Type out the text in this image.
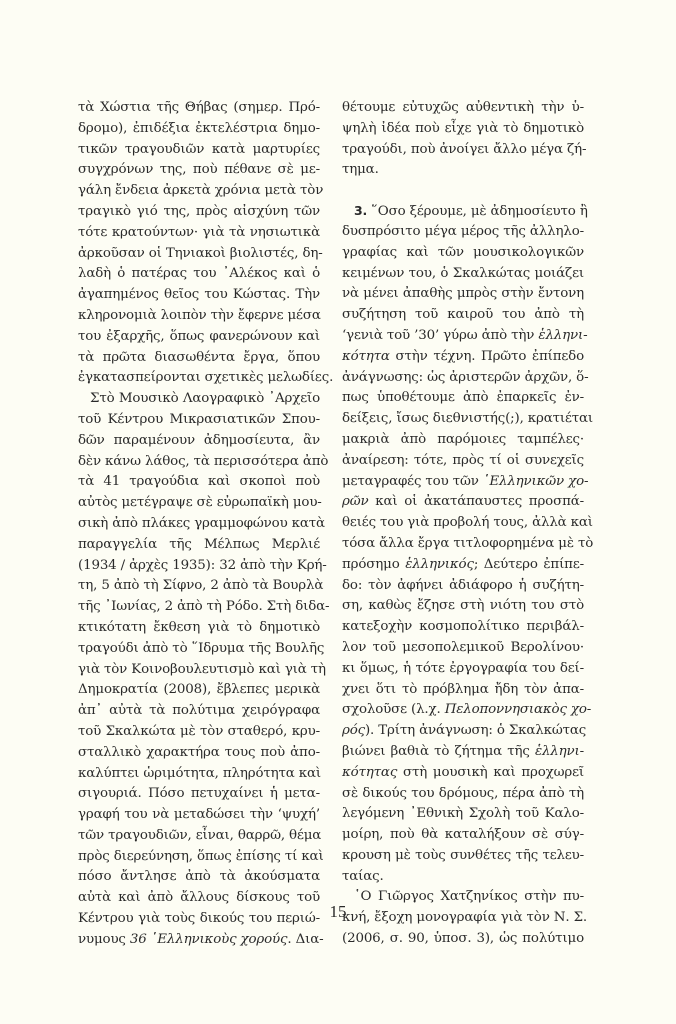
τὰ Χώστια τῆς Θήβας (σημερ. Πρό-
δρομο), ἐπιδέξια ἐκτελέστρια δημο-
τικῶν τραγουδιῶν κατὰ μαρτυρίες
συγχρόνων της, ποὺ πέθανε σὲ με-
γάλη ἔνδεια ἀρκετὰ χρόνια μετὰ τὸν
τραγικὸ γιό της, πρὸς αἰσχύνη τῶν
τότε κρατούντων· γιὰ τὰ νησιωτικὰ
ἀρκοῦσαν οἱ Τηνιακοὶ βιολιστές, δη-
λαδὴ ὁ πατέρας του ᾿Αλέκος καὶ ὁ
ἀγαπημένος θεῖος του Κώστας. Τὴν
κληρονομιὰ λοιπὸν τὴν ἔφερνε μέσα
του ἐξαρχῆς, ὅπως φανερώνουν καὶ
τὰ πρῶτα διασωθέντα ἔργα, ὅπου
ἐγκατασπείρονται σχετικὲς μελωδίες.
Στὸ Μουσικὸ Λαογραφικὸ ᾿Αρχεῖο
τοῦ Κέντρου Μικρασιατικῶν Σπου-
δῶν παραμένουν ἀδημοσίευτα, ἂν
δὲν κάνω λάθος, τὰ περισσότερα ἀπὸ
τὰ 41 τραγούδια καὶ σκοποὶ ποὺ
αὐτὸς μετέγραψε σὲ εὐρωπαϊκὴ μου-
σικὴ ἀπὸ πλάκες γραμμοφώνου κατὰ
παραγγελία τῆς Μέλπως Μερλιέ
(1934 / ἀρχὲς 1935): 32 ἀπὸ τὴν Κρή-
τη, 5 ἀπὸ τὴ Σίφνο, 2 ἀπὸ τὰ Βουρλὰ
τῆς ᾿Ιωνίας, 2 ἀπὸ τὴ Ρόδο. Στὴ διδα-
κτικότατη ἔκθεση γιὰ τὸ δημοτικὸ
τραγούδι ἀπὸ τὸ ῞Ιδρυμα τῆς Βουλῆς
γιὰ τὸν Κοινοβουλευτισμὸ καὶ γιὰ τὴ
Δημοκρατία (2008), ἔβλεπες μερικὰ
ἀπ᾿ αὐτὰ τὰ πολύτιμα χειρόγραφα
τοῦ Σκαλκώτα μὲ τὸν σταθερό, κρυ-
σταλλικὸ χαρακτήρα τους ποὺ ἀπο-
καλύπτει ὡριμότητα, πληρότητα καὶ
σιγουριά. Πόσο πετυχαίνει ἡ μετα-
γραφή του νὰ μεταδώσει τὴν ‘ψυχή’
τῶν τραγουδιῶν, εἶναι, θαρρῶ, θέμα
πρὸς διερεύνηση, ὅπως ἐπίσης τί καὶ
πόσο ἄντλησε ἀπὸ τὰ ἀκούσματα
αὐτὰ καὶ ἀπὸ ἄλλους δίσκους τοῦ
Κέντρου γιὰ τοὺς δικούς του περιώ-
νυμους 36 ῾Ελληνικοὺς χορούς. Δια-
θέτουμε εὐτυχῶς αὐθεντικὴ τὴν ὑ-
ψηλὴ ἰδέα ποὺ εἶχε γιὰ τὸ δημοτικὸ
τραγούδι, ποὺ ἀνοίγει ἄλλο μέγα ζή-
τημα.
3. ῞Οσο ξέρουμε, μὲ ἀδημοσίευτο ἢ
δυσπρόσιτο μέγα μέρος τῆς ἀλληλο-
γραφίας καὶ τῶν μουσικολογικῶν
κειμένων του, ὁ Σκαλκώτας μοιάζει
νὰ μένει ἀπαθὴς μπρὸς στὴν ἔντονη
συζήτηση τοῦ καιροῦ του ἀπὸ τὴ
‘γενιὰ τοῦ ’30’ γύρω ἀπὸ τὴν ἑλληνι-
κότητα στὴν τέχνη. Πρῶτο ἐπίπεδο
ἀνάγνωσης: ὡς ἀριστερῶν ἀρχῶν, ὅ-
πως ὑποθέτουμε ἀπὸ ἐπαρκεῖς ἐν-
δείξεις, ἴσως διεθνιστής(;), κρατιέται
μακριὰ ἀπὸ παρόμοιες ταμπέλες·
ἀναίρεση: τότε, πρὸς τί οἱ συνεχεῖς
μεταγραφές του τῶν ῾Ελληνικῶν χο-
ρῶν καὶ οἱ ἀκατάπαυστες προσπά-
θειές του γιὰ προβολή τους, ἀλλὰ καὶ
τόσα ἄλλα ἔργα τιτλοφορημένα μὲ τὸ
πρόσημο ἑλληνικός; Δεύτερο ἐπίπε-
δο: τὸν ἀφήνει ἀδιάφορο ἡ συζήτη-
ση, καθὼς ἔζησε στὴ νιότη του στὸ
κατεξοχὴν κοσμοπολίτικο περιβάλ-
λον τοῦ μεσοπολεμικοῦ Βερολίνου·
κι ὅμως, ἡ τότε ἐργογραφία του δεί-
χνει ὅτι τὸ πρόβλημα ἤδη τὸν ἀπα-
σχολοῦσε (λ.χ. Πελοποννησιακὸς χο-
ρός). Τρίτη ἀνάγνωση: ὁ Σκαλκώτας
βιώνει βαθιὰ τὸ ζήτημα τῆς ἑλληνι-
κότητας στὴ μουσικὴ καὶ προχωρεῖ
σὲ δικούς του δρόμους, πέρα ἀπὸ τὴ
λεγόμενη ᾿Εθνικὴ Σχολὴ τοῦ Καλο-
μοίρη, ποὺ θὰ καταλήξουν σὲ σύγ-
κρουση μὲ τοὺς συνθέτες τῆς τελευ-
ταίας.
῾Ο Γιῶργος Χατζηνίκος στὴν πυ-
κνή, ἔξοχη μονογραφία γιὰ τὸν Ν. Σ.
(2006, σ. 90, ὑποσ. 3), ὡς πολύτιμο
15
